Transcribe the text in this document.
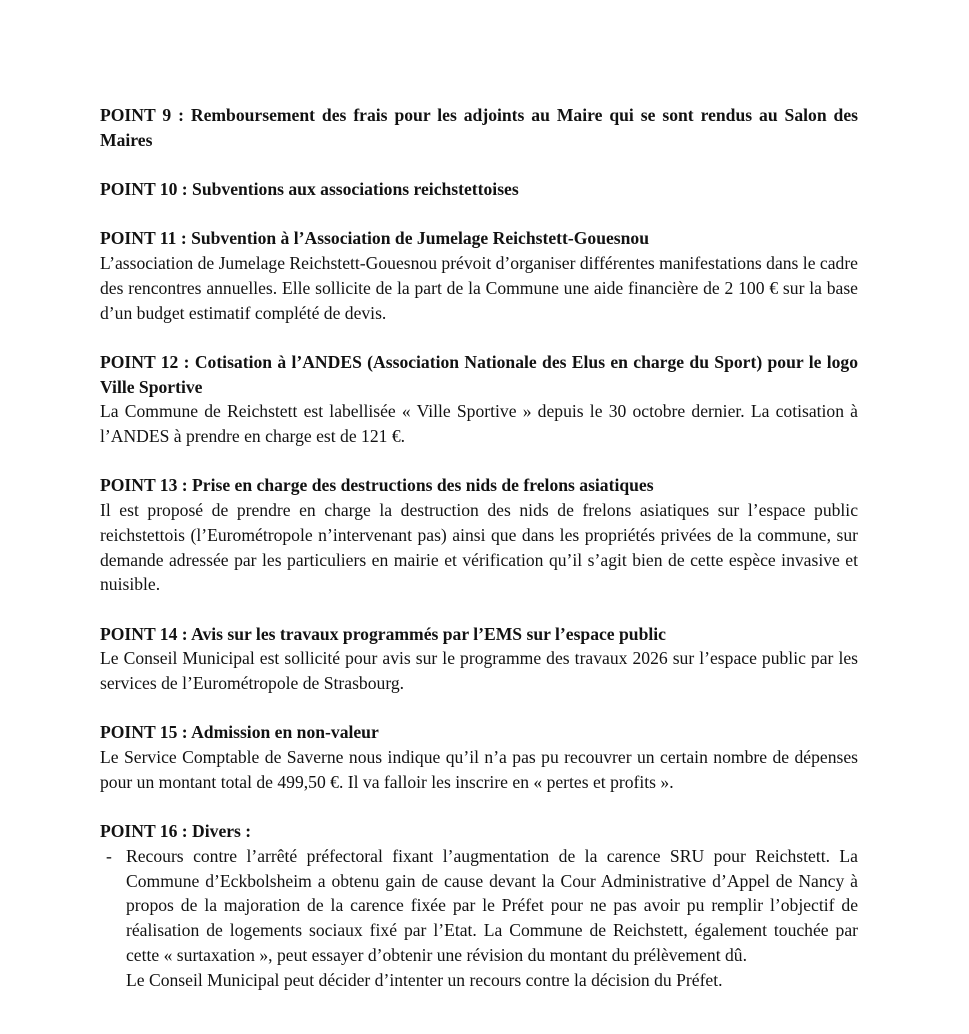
POINT 9 : Remboursement des frais pour les adjoints au Maire qui se sont rendus au Salon des Maires
POINT 10 : Subventions aux associations reichstettoises
POINT 11 : Subvention à l’Association de Jumelage Reichstett-Gouesnou

L’association de Jumelage Reichstett-Gouesnou prévoit d’organiser différentes manifestations dans le cadre des rencontres annuelles. Elle sollicite de la part de la Commune une aide financière de 2 100 € sur la base d’un budget estimatif complété de devis.

POINT 12 : Cotisation à l’ANDES (Association Nationale des Elus en charge du Sport) pour le logo Ville Sportive

La Commune de Reichstett est labellisée « Ville Sportive » depuis le 30 octobre dernier. La cotisation à l’ANDES à prendre en charge est de 121 €.

POINT 13 : Prise en charge des destructions des nids de frelons asiatiques

Il est proposé de prendre en charge la destruction des nids de frelons asiatiques sur l’espace public reichstettois (l’Eurométropole n’intervenant pas) ainsi que dans les propriétés privées de la commune, sur demande adressée par les particuliers en mairie et vérification qu’il s’agit bien de cette espèce invasive et nuisible.

POINT 14 : Avis sur les travaux programmés par l’EMS sur l’espace public

Le Conseil Municipal est sollicité pour avis sur le programme des travaux 2026 sur l’espace public par les services de l’Eurométropole de Strasbourg.

POINT 15 : Admission en non-valeur

Le Service Comptable de Saverne nous indique qu’il n’a pas pu recouvrer un certain nombre de dépenses pour un montant total de 499,50 €. Il va falloir les inscrire en « pertes et profits ».

POINT 16 : Divers :
- Recours contre l’arrêté préfectoral fixant l’augmentation de la carence SRU pour Reichstett. La Commune d’Eckbolsheim a obtenu gain de cause devant la Cour Administrative d’Appel de Nancy à propos de la majoration de la carence fixée par le Préfet pour ne pas avoir pu remplir l’objectif de réalisation de logements sociaux fixé par l’Etat. La Commune de Reichstett, également touchée par cette « surtaxation », peut essayer d’obtenir une révision du montant du prélèvement dû.

Le Conseil Municipal peut décider d’intenter un recours contre la décision du Préfet.
